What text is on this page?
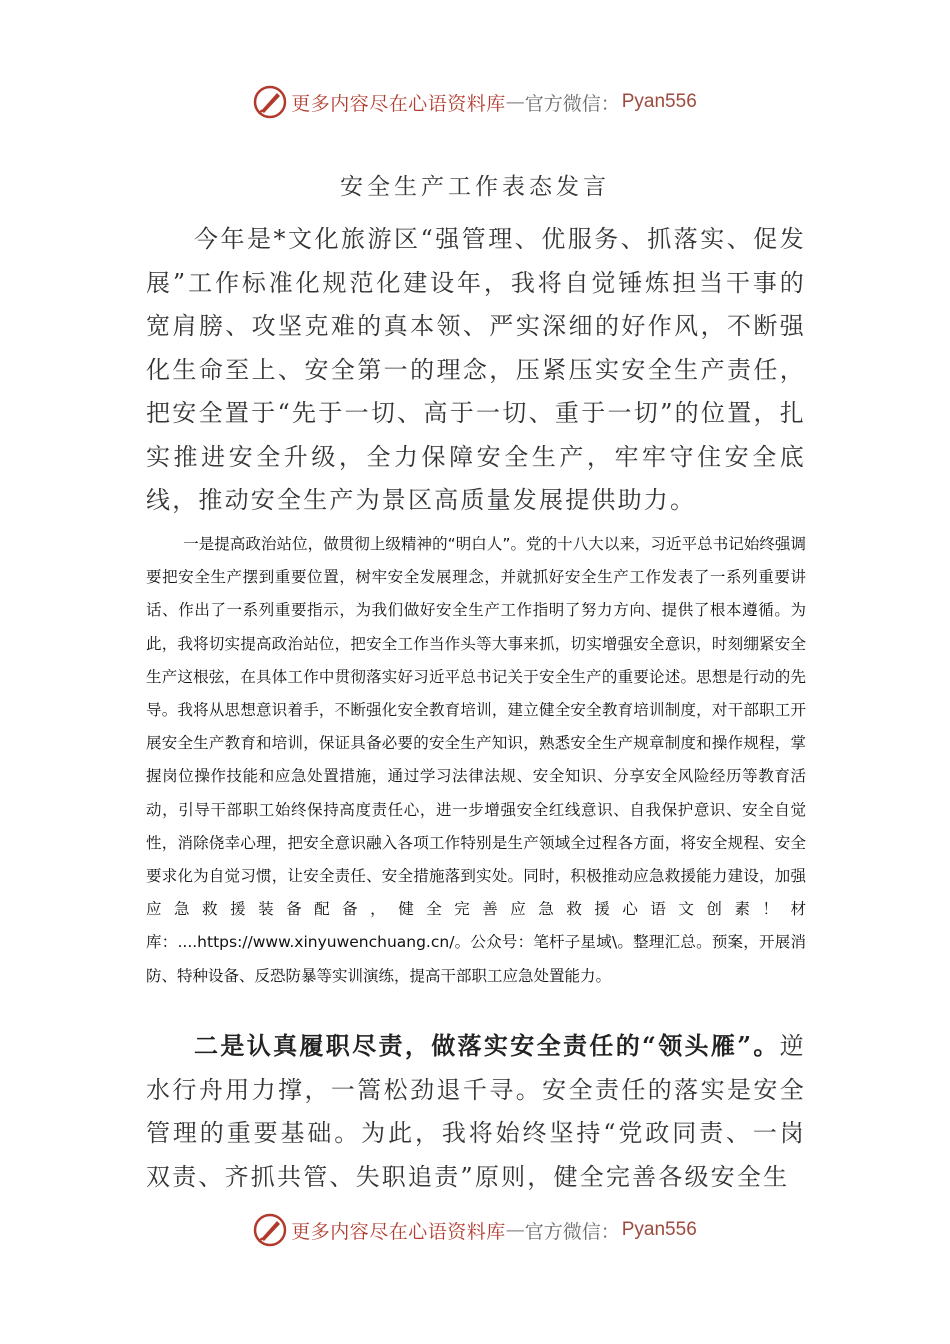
更多内容尽在心语资料库 — 官方微信： Pyan556
安全生产工作表态发言

今年是*文化旅游区“强管理、优服务、抓落实、促发展”工作标准化规范化建设年，我将自觉锤炼担当干事的宽肩膀、攻坚克难的真本领、严实深细的好作风，不断强化生命至上、安全第一的理念，压紧压实安全生产责任，把安全置于“先于一切、高于一切、重于一切”的位置，扎实推进安全升级，全力保障安全生产，牢牢守住安全底线，推动安全生产为景区高质量发展提供助力。

一是提高政治站位，做贯彻上级精神的“明白人”。党的十八大以来，习近平总书记始终强调要把安全生产摆到重要位置，树牢安全发展理念，并就抓好安全生产工作发表了一系列重要讲话、作出了一系列重要指示，为我们做好安全生产工作指明了努力方向、提供了根本遵循。为此，我将切实提高政治站位，把安全工作当作头等大事来抓，切实增强安全意识，时刻绷紧安全生产这根弦，在具体工作中贯彻落实好习近平总书记关于安全生产的重要论述。思想是行动的先导。我将从思想意识着手，不断强化安全教育培训，建立健全安全教育培训制度，对干部职工开展安全生产教育和培训，保证具备必要的安全生产知识，熟悉安全生产规章制度和操作规程，掌握岗位操作技能和应急处置措施，通过学习法律法规、安全知识、分享安全风险经历等教育活动，引导干部职工始终保持高度责任心，进一步增强安全红线意识、自我保护意识、安全自觉性，消除侥幸心理，把安全意识融入各项工作特别是生产领域全过程各方面，将安全规程、安全要求化为自觉习惯，让安全责任、安全措施落到实处。同时，积极推动应急救援能力建设，加强应急救援装备配备，健全完善应急救援心语文创素！材库：....https://www.xinyuwenchuang.cn/。公众号：笔杆子星域\。整理汇总。预案，开展消防、特种设备、反恐防暴等实训演练，提高干部职工应急处置能力。

二是认真履职尽责，做落实安全责任的“领头雁”。逆水行舟用力撑，一篙松劲退千寻。安全责任的落实是安全管理的重要基础。为此，我将始终坚持“党政同责、一岗双责、齐抓共管、失职追责”原则，健全完善各级安全生

更多内容尽在心语资料库 — 官方微信： Pyan556
